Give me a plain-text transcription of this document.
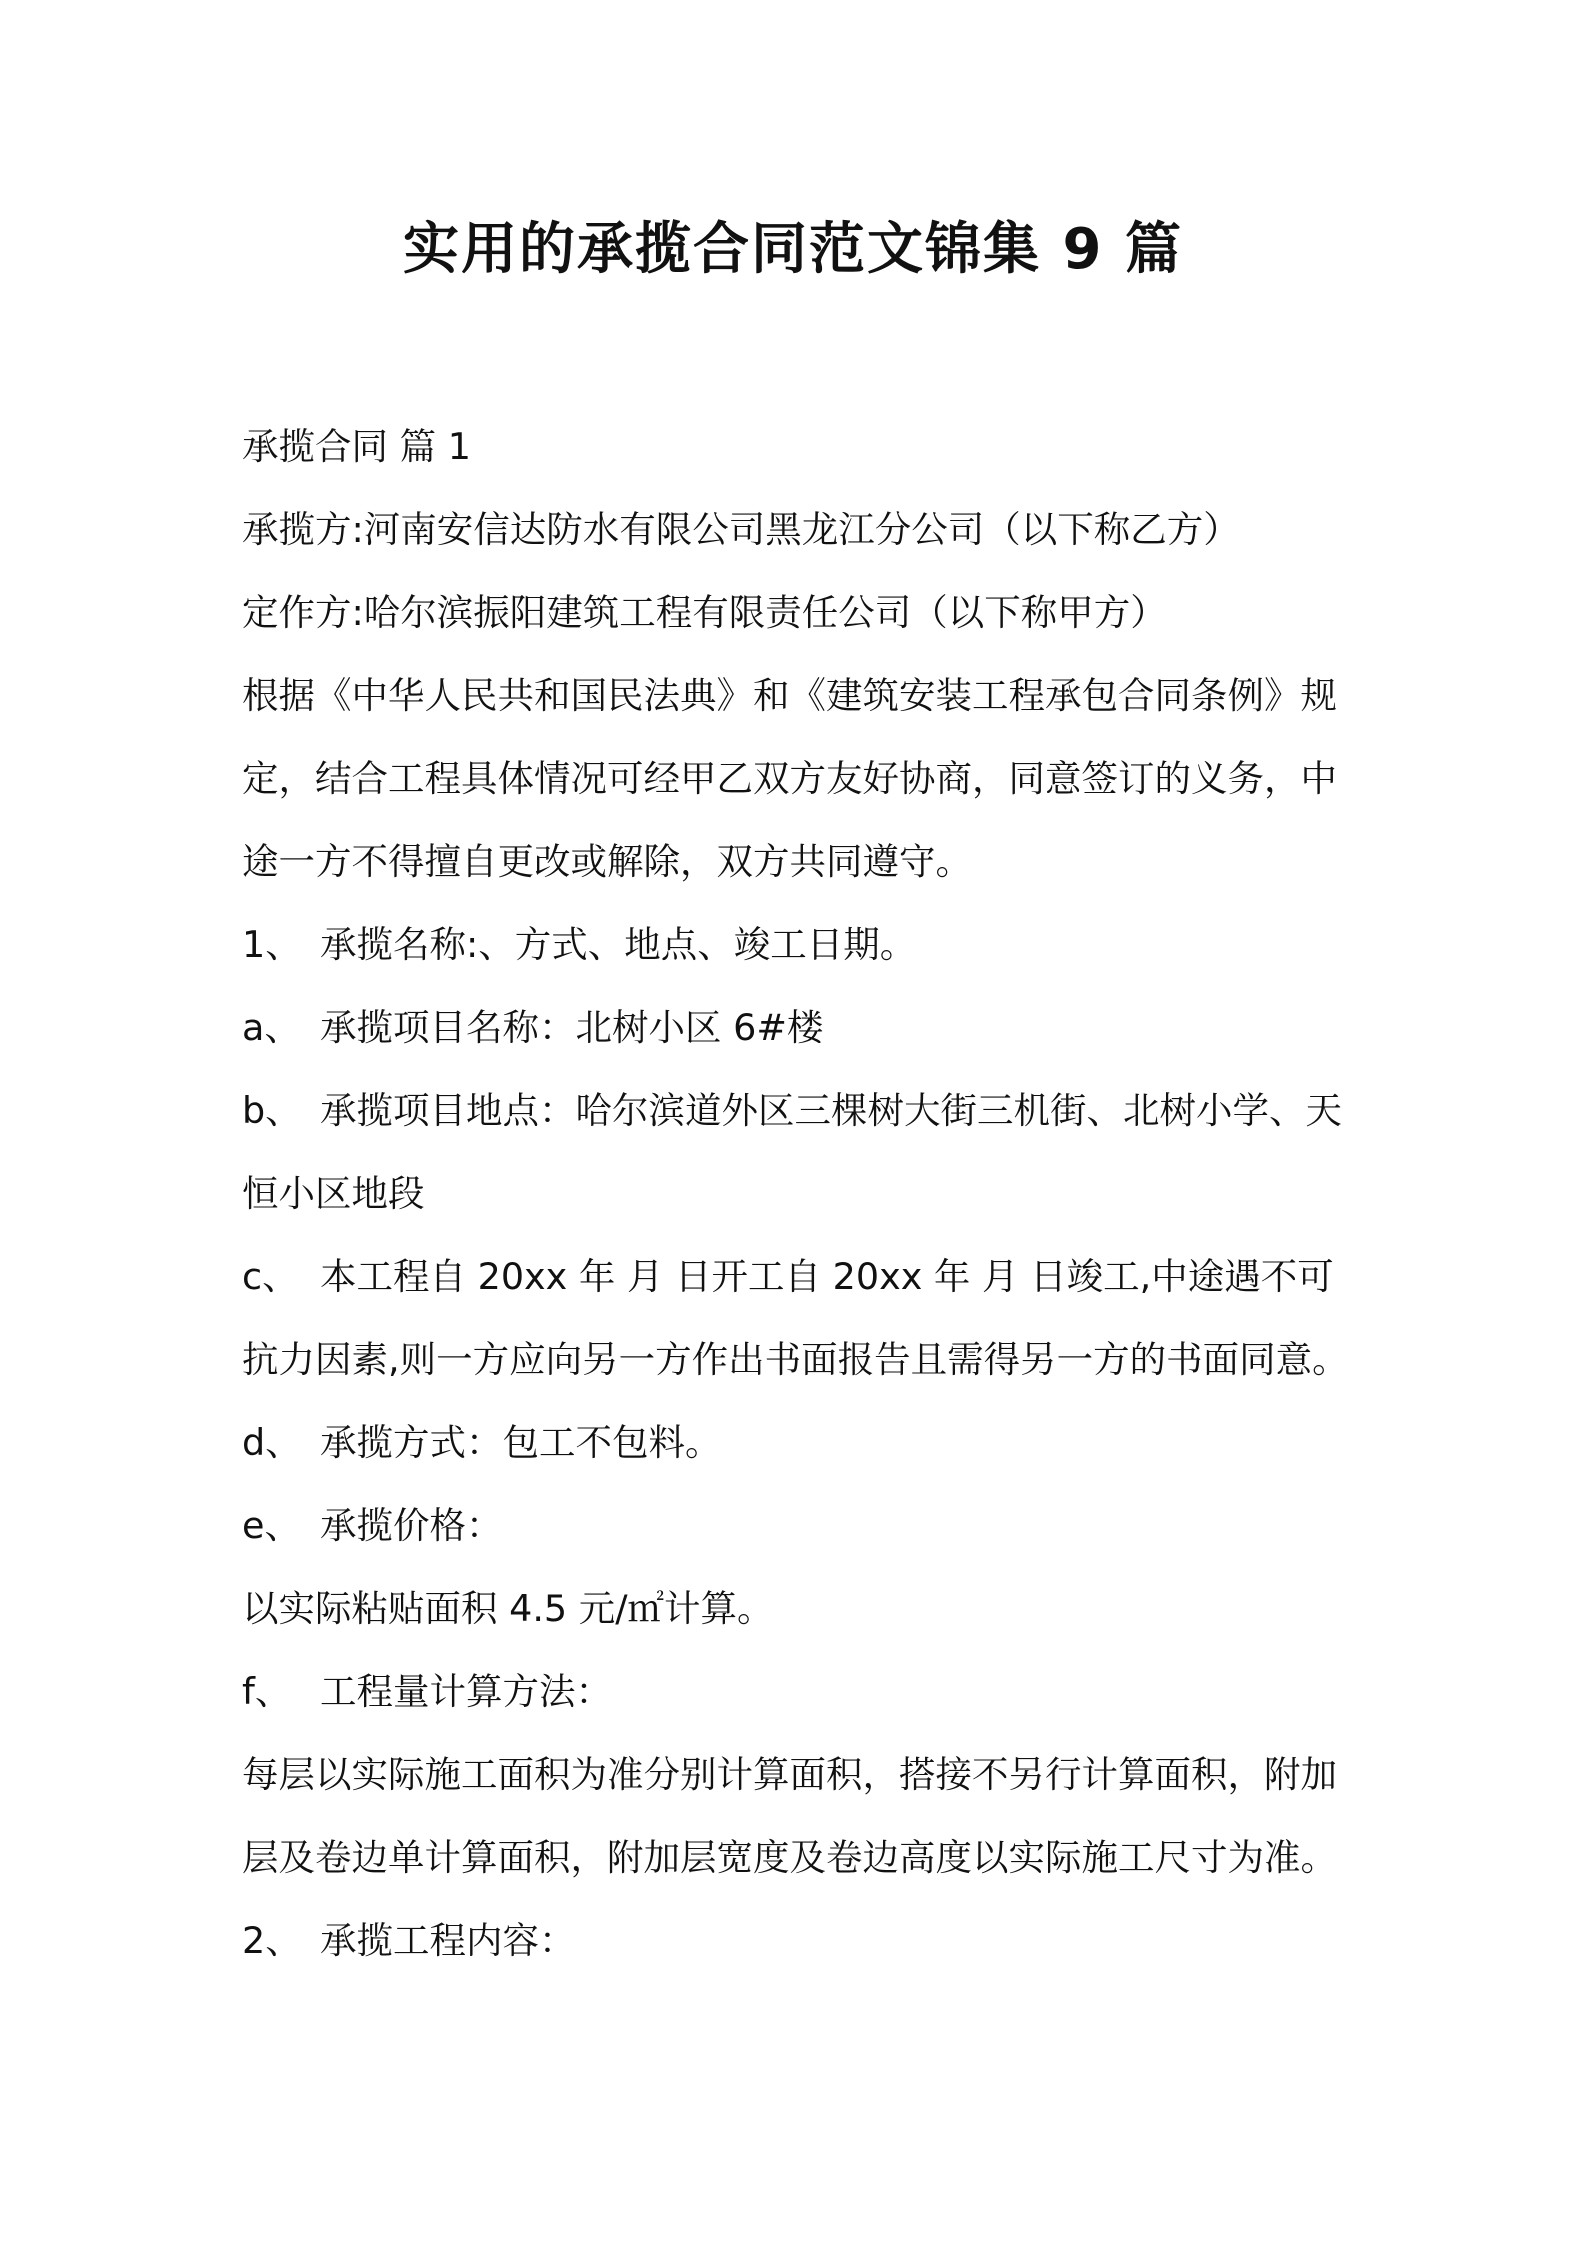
实用的承揽合同范文锦集 9 篇
承揽合同 篇 1
承揽方:河南安信达防水有限公司黑龙江分公司（以下称乙方）
定作方:哈尔滨振阳建筑工程有限责任公司（以下称甲方）
根据《中华人民共和国民法典》和《建筑安装工程承包合同条例》规
定，结合工程具体情况可经甲乙双方友好协商，同意签订的义务，中
途一方不得擅自更改或解除，双方共同遵守。
1、 承揽名称:、方式、地点、竣工日期。
a、 承揽项目名称：北树小区 6#楼
b、 承揽项目地点：哈尔滨道外区三棵树大街三机街、北树小学、天
恒小区地段
c、 本工程自 20xx 年 月 日开工自 20xx 年 月 日竣工,中途遇不可
抗力因素,则一方应向另一方作出书面报告且需得另一方的书面同意。
d、 承揽方式：包工不包料。
e、 承揽价格：
以实际粘贴面积 4.5 元/㎡计算。
f、 工程量计算方法：
每层以实际施工面积为准分别计算面积，搭接不另行计算面积，附加
层及卷边单计算面积，附加层宽度及卷边高度以实际施工尺寸为准。
2、 承揽工程内容：
